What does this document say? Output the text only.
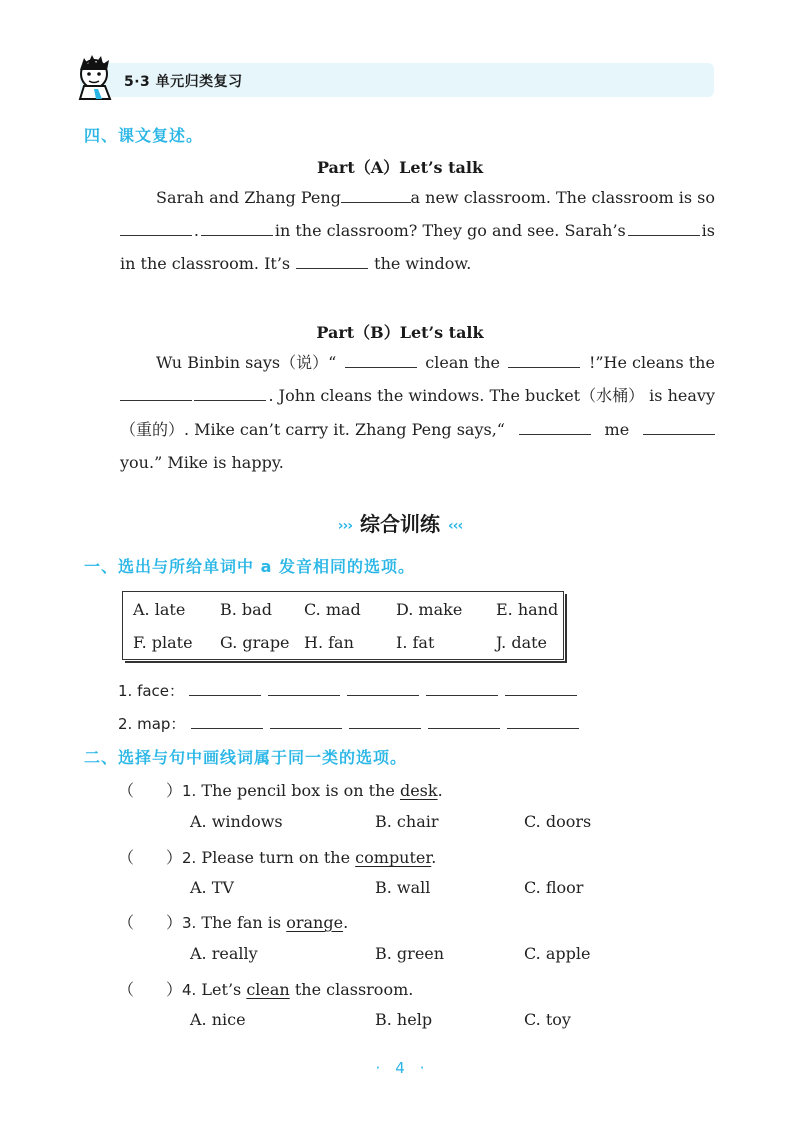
5·3 单元归类复习
四、课文复述。
Part（A）Let’s talk
Sarah and Zhang Peng	a new classroom. The classroom is so
.	in the classroom? They go and see. Sarah’s	is
in the classroom. It’s	the window.
Part（B）Let’s talk
Wu Binbin says（说）“	clean the	!”He cleans the
. John cleans the windows. The bucket（水桶） is heavy
（重的）. Mike can’t carry it. Zhang Peng says,“	me
you.” Mike is happy.
››› 综合训练 ‹‹‹
一、选出与所给单词中 a 发音相同的选项。
A. late B. bad C. mad D. make E. hand
F. plate G. grape H. fan	I. fat	J. date
1. face：
2. map：
二、选择与句中画线词属于同一类的选项。
（　　）1. The pencil box is on the desk.
A. windows	B. chair	C. doors
（　　）2. Please turn on the computer.
A. TV	B. wall	C. floor
（　　）3. The fan is orange.
A. really	B. green	C. apple
（　　）4. Let’s clean the classroom.
A. nice	B. help	C. toy
·　4　·
